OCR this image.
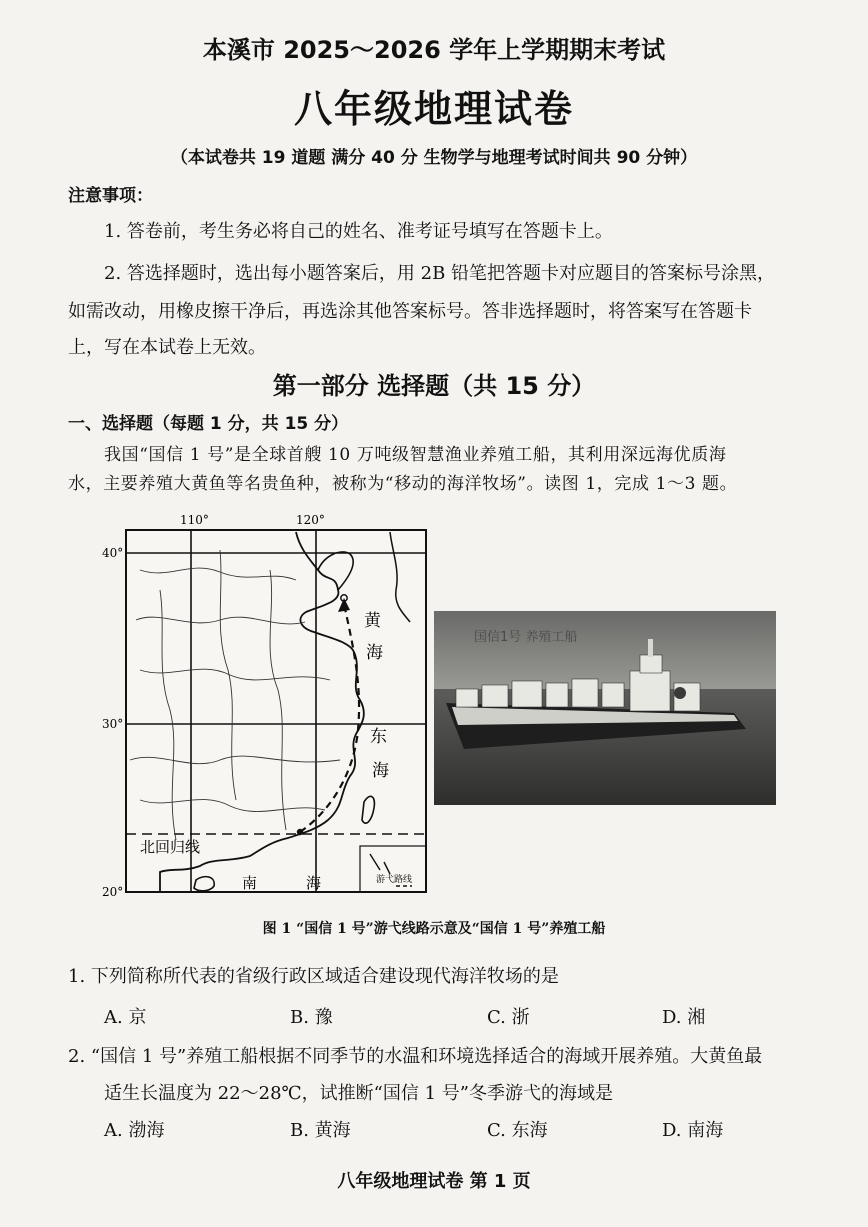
本溪市 2025～2026 学年上学期期末考试
八年级地理试卷
（本试卷共 19 道题 满分 40 分 生物学与地理考试时间共 90 分钟）
注意事项：
1. 答卷前，考生务必将自己的姓名、准考证号填写在答题卡上。
2. 答选择题时，选出每小题答案后，用 2B 铅笔把答题卡对应题目的答案标号涂黑，
如需改动，用橡皮擦干净后，再选涂其他答案标号。答非选择题时，将答案写在答题卡
上，写在本试卷上无效。
第一部分 选择题（共 15 分）
一、选择题（每题 1 分，共 15 分）
我国“国信 1 号”是全球首艘 10 万吨级智慧渔业养殖工船，其利用深远海优质海
水，主要养殖大黄鱼等名贵鱼种，被称为“移动的海洋牧场”。读图 1，完成 1～3 题。
110°	120°
40°
30°
20°
黄
海
东
海
北回归线
南	海	游弋路线
国信1号 养殖工船
图 1 “国信 1 号”游弋线路示意及“国信 1 号”养殖工船
1. 下列简称所代表的省级行政区域适合建设现代海洋牧场的是
A. 京	B. 豫	C. 浙	D. 湘
2. “国信 1 号”养殖工船根据不同季节的水温和环境选择适合的海域开展养殖。大黄鱼最
适生长温度为 22～28℃，试推断“国信 1 号”冬季游弋的海域是
A. 渤海	B. 黄海	C. 东海	D. 南海
八年级地理试卷 第 1 页
